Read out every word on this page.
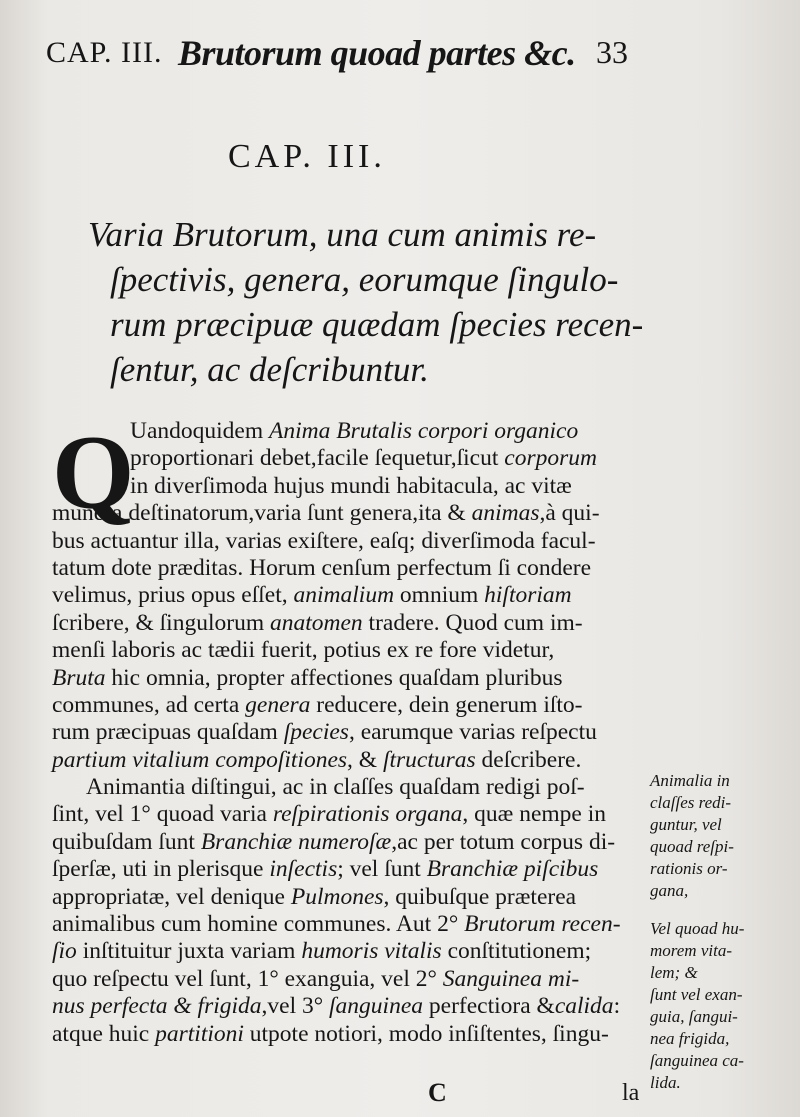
CAP. III. Brutorum quoad partes &c. 33
CAP. III.
Varia Brutorum, una cum animis re-
ſpectivis, genera, eorumque ſingulo-
rum præcipuæ quædam ſpecies recen-
ſentur, ac deſcribuntur.
Q
Uandoquidem Anima Brutalis corpori organico
proportionari debet,facile ſequetur,ſicut corporum
in diverſimoda hujus mundi habitacula, ac vitæ
munera deſtinatorum,varia ſunt genera,ita & animas,à qui-
bus actuantur illa, varias exiſtere, eaſq; diverſimoda facul-
tatum dote præditas. Horum cenſum perfectum ſi condere
velimus, prius opus eſſet, animalium omnium hiſtoriam
ſcribere, & ſingulorum anatomen tradere. Quod cum im-
menſi laboris ac tædii fuerit, potius ex re fore videtur,
Bruta hic omnia, propter affectiones quaſdam pluribus
communes, ad certa genera reducere, dein generum iſto-
rum præcipuas quaſdam ſpecies, earumque varias reſpectu
partium vitalium compoſitiones, & ſtructuras deſcribere.
Animantia diſtingui, ac in claſſes quaſdam redigi poſ-
ſint, vel 1° quoad varia reſpirationis organa, quæ nempe in
quibuſdam ſunt Branchiæ numeroſæ,ac per totum corpus di-
ſperſæ, uti in plerisque inſectis; vel ſunt Branchiæ piſcibus
appropriatæ, vel denique Pulmones, quibuſque præterea
animalibus cum homine communes. Aut 2° Brutorum recen-
ſio inſtituitur juxta variam humoris vitalis conſtitutionem;
quo reſpectu vel ſunt, 1° exanguia, vel 2° Sanguinea mi-
nus perfecta & frigida,vel 3° ſanguinea perfectiora &calida:
atque huic partitioni utpote notiori, modo inſiſtentes, ſingu-
Animalia in
claſſes redi-
guntur, vel
quoad reſpi-
rationis or-
gana,
Vel quoad hu-
morem vita-
lem; &
ſunt vel exan-
guia, ſangui-
nea frigida,
ſanguinea ca-
lida.
C	la
